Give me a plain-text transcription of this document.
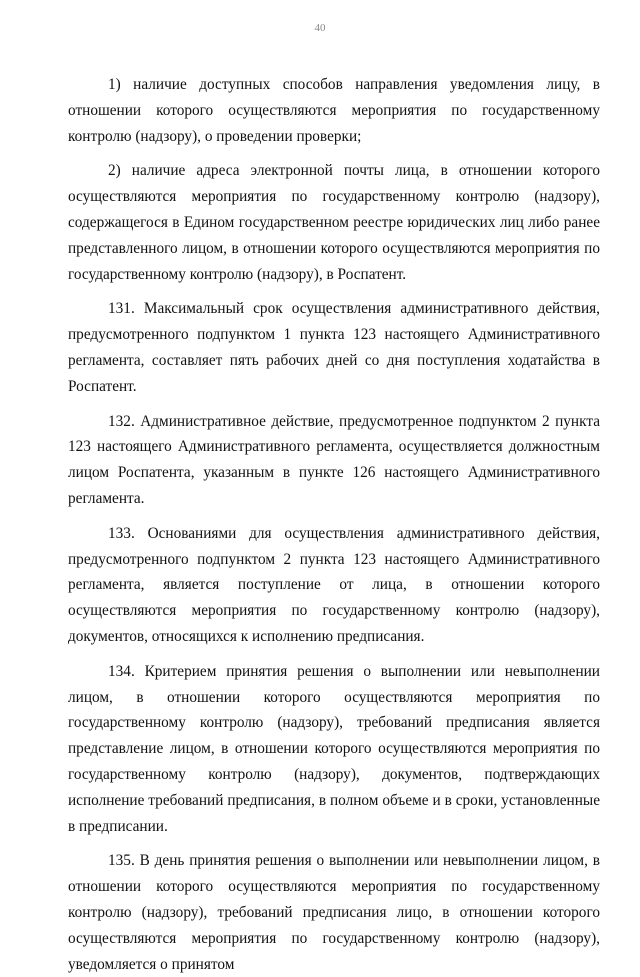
40

1) наличие доступных способов направления уведомления лицу, в отношении которого осуществляются мероприятия по государственному контролю (надзору), о проведении проверки;

2) наличие адреса электронной почты лица, в отношении которого осуществляются мероприятия по государственному контролю (надзору), содержащегося в Едином государственном реестре юридических лиц либо ранее представленного лицом, в отношении которого осуществляются мероприятия по государственному контролю (надзору), в Роспатент.

131. Максимальный срок осуществления административного действия, предусмотренного подпунктом 1 пункта 123 настоящего Административного регламента, составляет пять рабочих дней со дня поступления ходатайства в Роспатент.

132. Административное действие, предусмотренное подпунктом 2 пункта 123 настоящего Административного регламента, осуществляется должностным лицом Роспатента, указанным в пункте 126 настоящего Административного регламента.

133. Основаниями для осуществления административного действия, предусмотренного подпунктом 2 пункта 123 настоящего Административного регламента, является поступление от лица, в отношении которого осуществляются мероприятия по государственному контролю (надзору), документов, относящихся к исполнению предписания.

134. Критерием принятия решения о выполнении или невыполнении лицом, в отношении которого осуществляются мероприятия по государственному контролю (надзору), требований предписания является представление лицом, в отношении которого осуществляются мероприятия по государственному контролю (надзору), документов, подтверждающих исполнение требований предписания, в полном объеме и в сроки, установленные в предписании.

135. В день принятия решения о выполнении или невыполнении лицом, в отношении которого осуществляются мероприятия по государственному контролю (надзору), требований предписания лицо, в отношении которого осуществляются мероприятия по государственному контролю (надзору), уведомляется о принятом
